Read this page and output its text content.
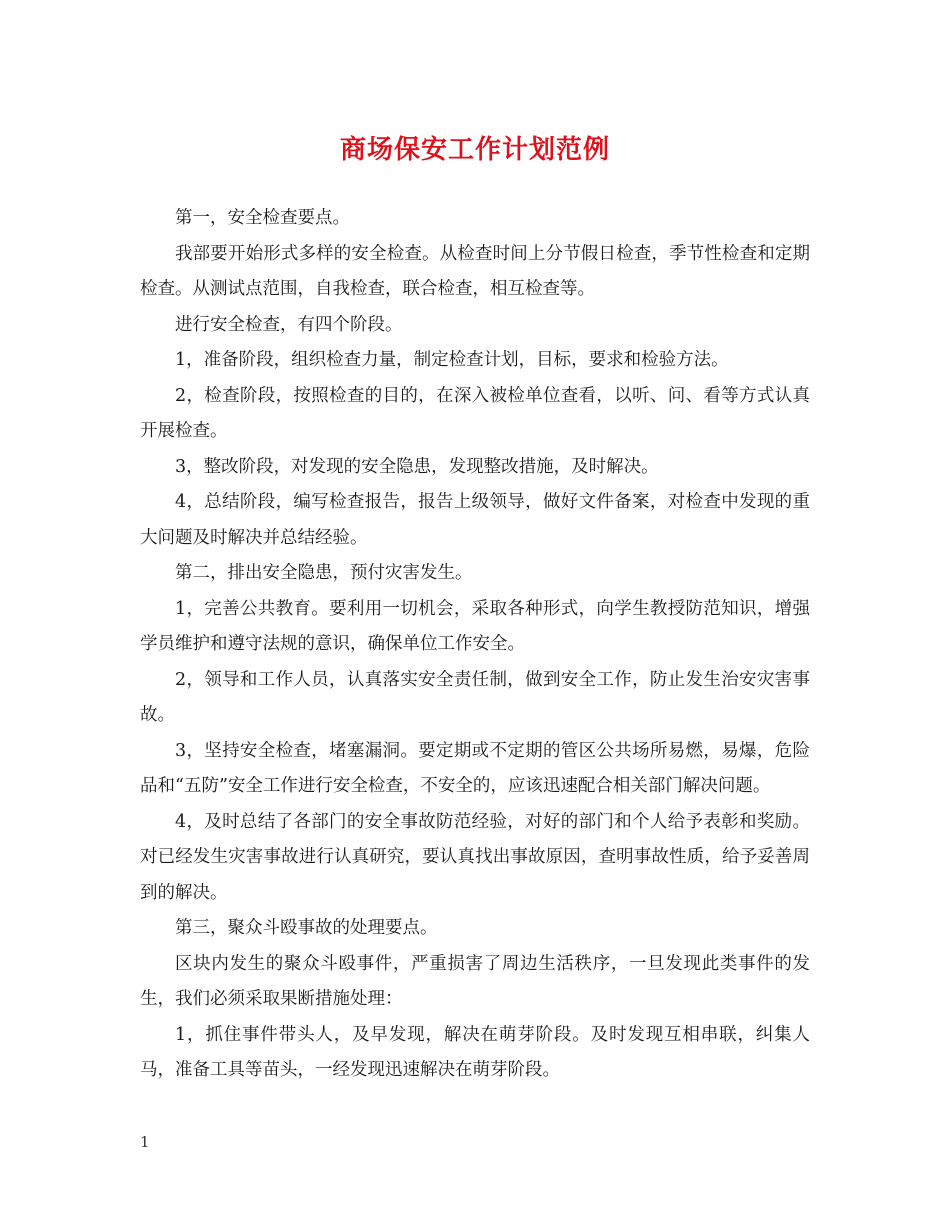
商场保安工作计划范例

第一，安全检查要点。

我部要开始形式多样的安全检查。从检查时间上分节假日检查，季节性检查和定期检查。从测试点范围，自我检查，联合检查，相互检查等。

进行安全检查，有四个阶段。

1，准备阶段，组织检查力量，制定检查计划，目标，要求和检验方法。

2，检查阶段，按照检查的目的，在深入被检单位查看，以听、问、看等方式认真开展检查。

3，整改阶段，对发现的安全隐患，发现整改措施，及时解决。

4，总结阶段，编写检查报告，报告上级领导，做好文件备案，对检查中发现的重大问题及时解决并总结经验。

第二，排出安全隐患，预付灾害发生。

1，完善公共教育。要利用一切机会，采取各种形式，向学生教授防范知识，增强学员维护和遵守法规的意识，确保单位工作安全。

2，领导和工作人员，认真落实安全责任制，做到安全工作，防止发生治安灾害事故。

3，坚持安全检查，堵塞漏洞。要定期或不定期的管区公共场所易燃，易爆，危险品和“五防”安全工作进行安全检查，不安全的，应该迅速配合相关部门解决问题。

4，及时总结了各部门的安全事故防范经验，对好的部门和个人给予表彰和奖励。对已经发生灾害事故进行认真研究，要认真找出事故原因，查明事故性质，给予妥善周到的解决。

第三，聚众斗殴事故的处理要点。

区块内发生的聚众斗殴事件，严重损害了周边生活秩序，一旦发现此类事件的发生，我们必须采取果断措施处理：

1，抓住事件带头人，及早发现，解决在萌芽阶段。及时发现互相串联，纠集人马，准备工具等苗头，一经发现迅速解决在萌芽阶段。

1
